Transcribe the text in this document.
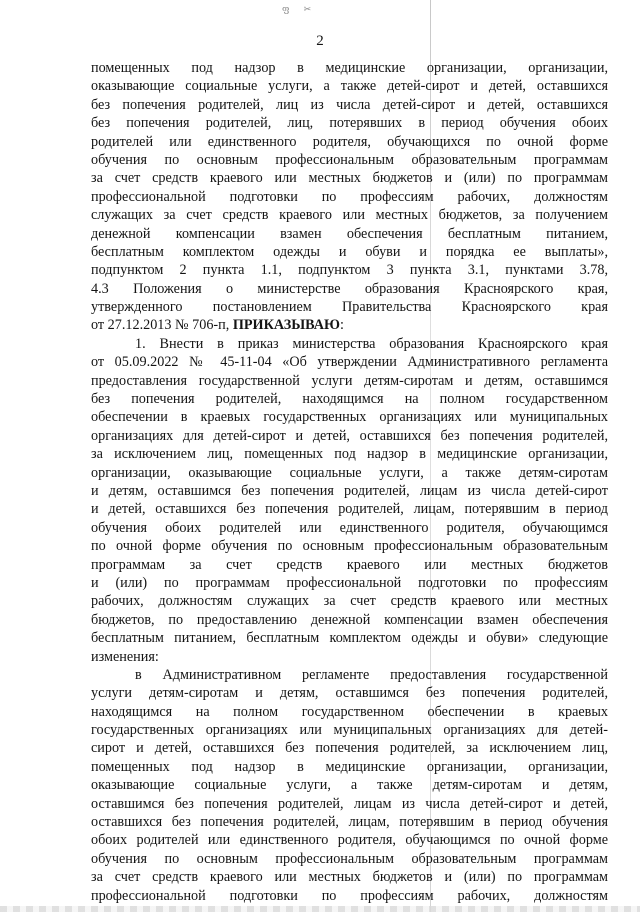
ფ ✂
2
помещенных под надзор в медицинские организации, организации,
оказывающие социальные услуги, а также детей-сирот и детей, оставшихся
без попечения родителей, лиц из числа детей-сирот и детей, оставшихся
без попечения родителей, лиц, потерявших в период обучения обоих
родителей или единственного родителя, обучающихся по очной форме
обучения по основным профессиональным образовательным программам
за счет средств краевого или местных бюджетов и (или) по программам
профессиональной подготовки по профессиям рабочих, должностям
служащих за счет средств краевого или местных бюджетов, за получением
денежной компенсации взамен обеспечения бесплатным питанием,
бесплатным комплектом одежды и обуви и порядка ее выплаты»,
подпунктом 2 пункта 1.1, подпунктом 3 пункта 3.1, пунктами 3.78,
4.3 Положения о министерстве образования Красноярского края,
утвержденного постановлением Правительства Красноярского края
от 27.12.2013 № 706-п, ПРИКАЗЫВАЮ:
1. Внести в приказ министерства образования Красноярского края
от 05.09.2022 № 45-11-04 «Об утверждении Административного регламента
предоставления государственной услуги детям-сиротам и детям, оставшимся
без попечения родителей, находящимся на полном государственном
обеспечении в краевых государственных организациях или муниципальных
организациях для детей-сирот и детей, оставшихся без попечения родителей,
за исключением лиц, помещенных под надзор в медицинские организации,
организации, оказывающие социальные услуги, а также детям-сиротам
и детям, оставшимся без попечения родителей, лицам из числа детей-сирот
и детей, оставшихся без попечения родителей, лицам, потерявшим в период
обучения обоих родителей или единственного родителя, обучающимся
по очной форме обучения по основным профессиональным образовательным
программам за счет средств краевого или местных бюджетов
и (или) по программам профессиональной подготовки по профессиям
рабочих, должностям служащих за счет средств краевого или местных
бюджетов, по предоставлению денежной компенсации взамен обеспечения
бесплатным питанием, бесплатным комплектом одежды и обуви» следующие
изменения:
в Административном регламенте предоставления государственной
услуги детям-сиротам и детям, оставшимся без попечения родителей,
находящимся на полном государственном обеспечении в краевых
государственных организациях или муниципальных организациях для детей-
сирот и детей, оставшихся без попечения родителей, за исключением лиц,
помещенных под надзор в медицинские организации, организации,
оказывающие социальные услуги, а также детям-сиротам и детям,
оставшимся без попечения родителей, лицам из числа детей-сирот и детей,
оставшихся без попечения родителей, лицам, потерявшим в период обучения
обоих родителей или единственного родителя, обучающимся по очной форме
обучения по основным профессиональным образовательным программам
за счет средств краевого или местных бюджетов и (или) по программам
профессиональной подготовки по профессиям рабочих, должностям
